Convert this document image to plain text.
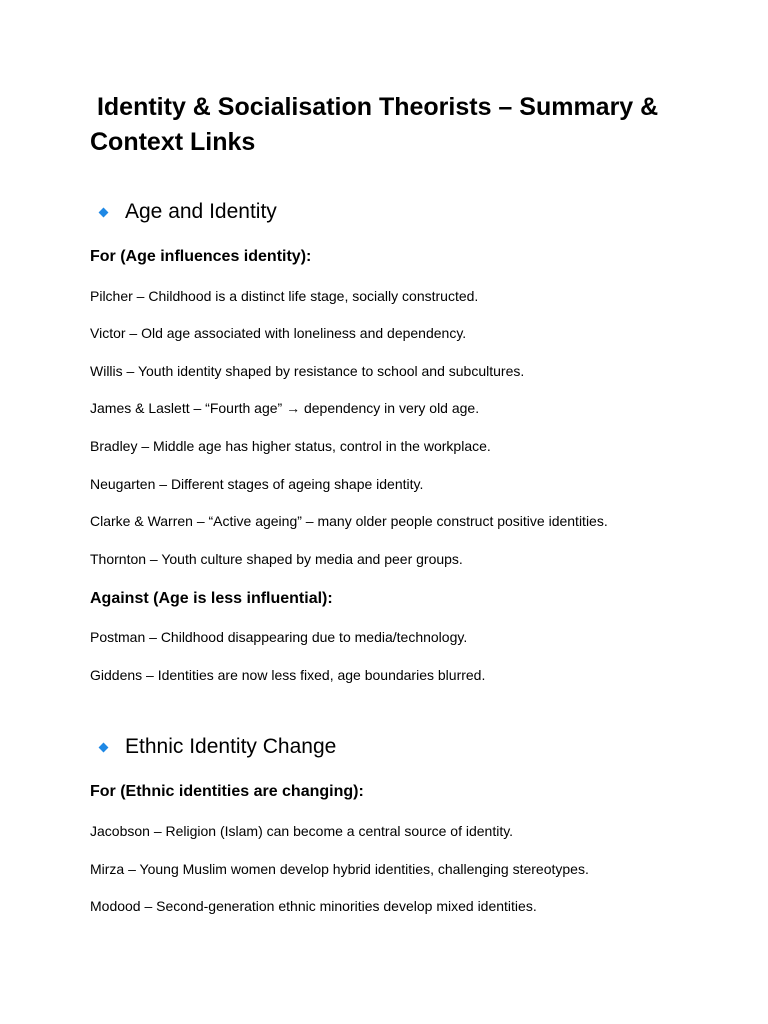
Identity & Socialisation Theorists – Summary & Context Links
Age and Identity

For (Age influences identity):

Pilcher – Childhood is a distinct life stage, socially constructed.

Victor – Old age associated with loneliness and dependency.

Willis – Youth identity shaped by resistance to school and subcultures.

James & Laslett – “Fourth age” → dependency in very old age.

Bradley – Middle age has higher status, control in the workplace.

Neugarten – Different stages of ageing shape identity.

Clarke & Warren – “Active ageing” – many older people construct positive identities.

Thornton – Youth culture shaped by media and peer groups.

Against (Age is less influential):

Postman – Childhood disappearing due to media/technology.

Giddens – Identities are now less fixed, age boundaries blurred.

Ethnic Identity Change

For (Ethnic identities are changing):

Jacobson – Religion (Islam) can become a central source of identity.

Mirza – Young Muslim women develop hybrid identities, challenging stereotypes.

Modood – Second-generation ethnic minorities develop mixed identities.
